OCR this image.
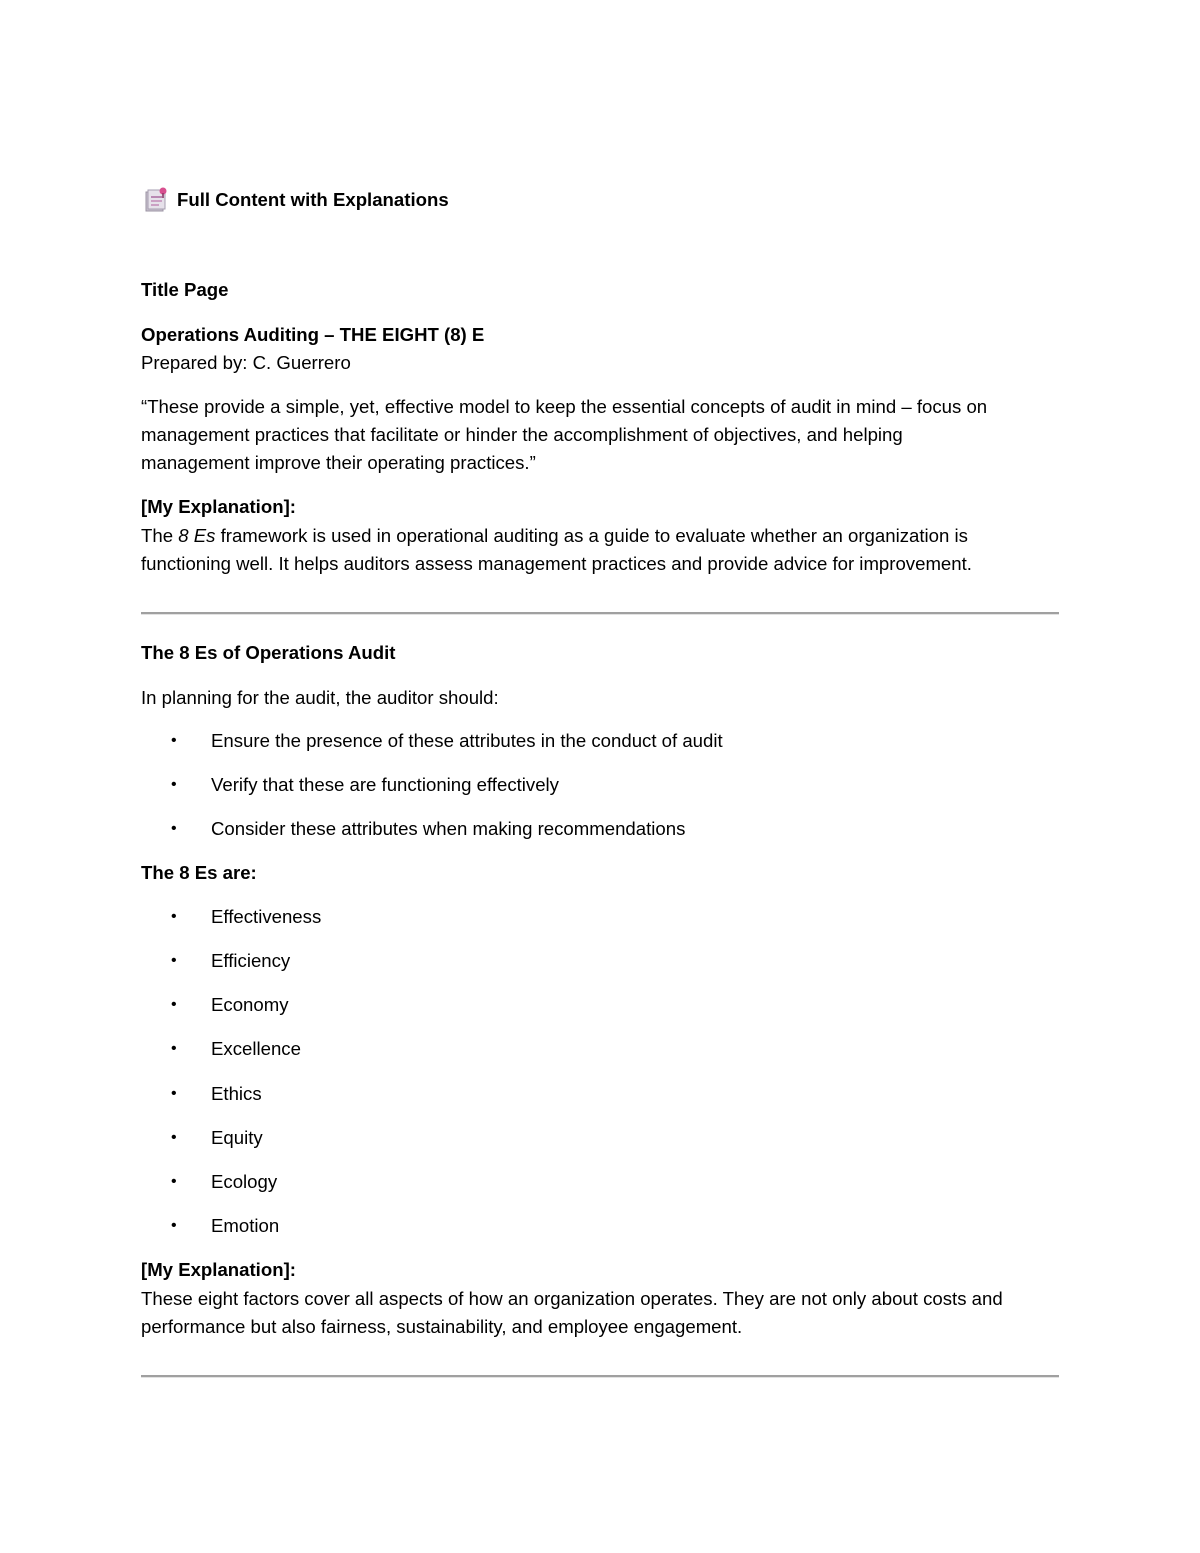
Full Content with Explanations
Title Page
Operations Auditing – THE EIGHT (8) E
Prepared by: C. Guerrero
“These provide a simple, yet, effective model to keep the essential concepts of audit in mind – focus on
management practices that facilitate or hinder the accomplishment of objectives, and helping
management improve their operating practices.”
[My Explanation]:
The 8 Es framework is used in operational auditing as a guide to evaluate whether an organization is
functioning well. It helps auditors assess management practices and provide advice for improvement.
The 8 Es of Operations Audit
In planning for the audit, the auditor should:
• Ensure the presence of these attributes in the conduct of audit
• Verify that these are functioning effectively
• Consider these attributes when making recommendations
The 8 Es are:
• Effectiveness
• Efficiency
• Economy
• Excellence
• Ethics
• Equity
• Ecology
• Emotion
[My Explanation]:
These eight factors cover all aspects of how an organization operates. They are not only about costs and
performance but also fairness, sustainability, and employee engagement.
